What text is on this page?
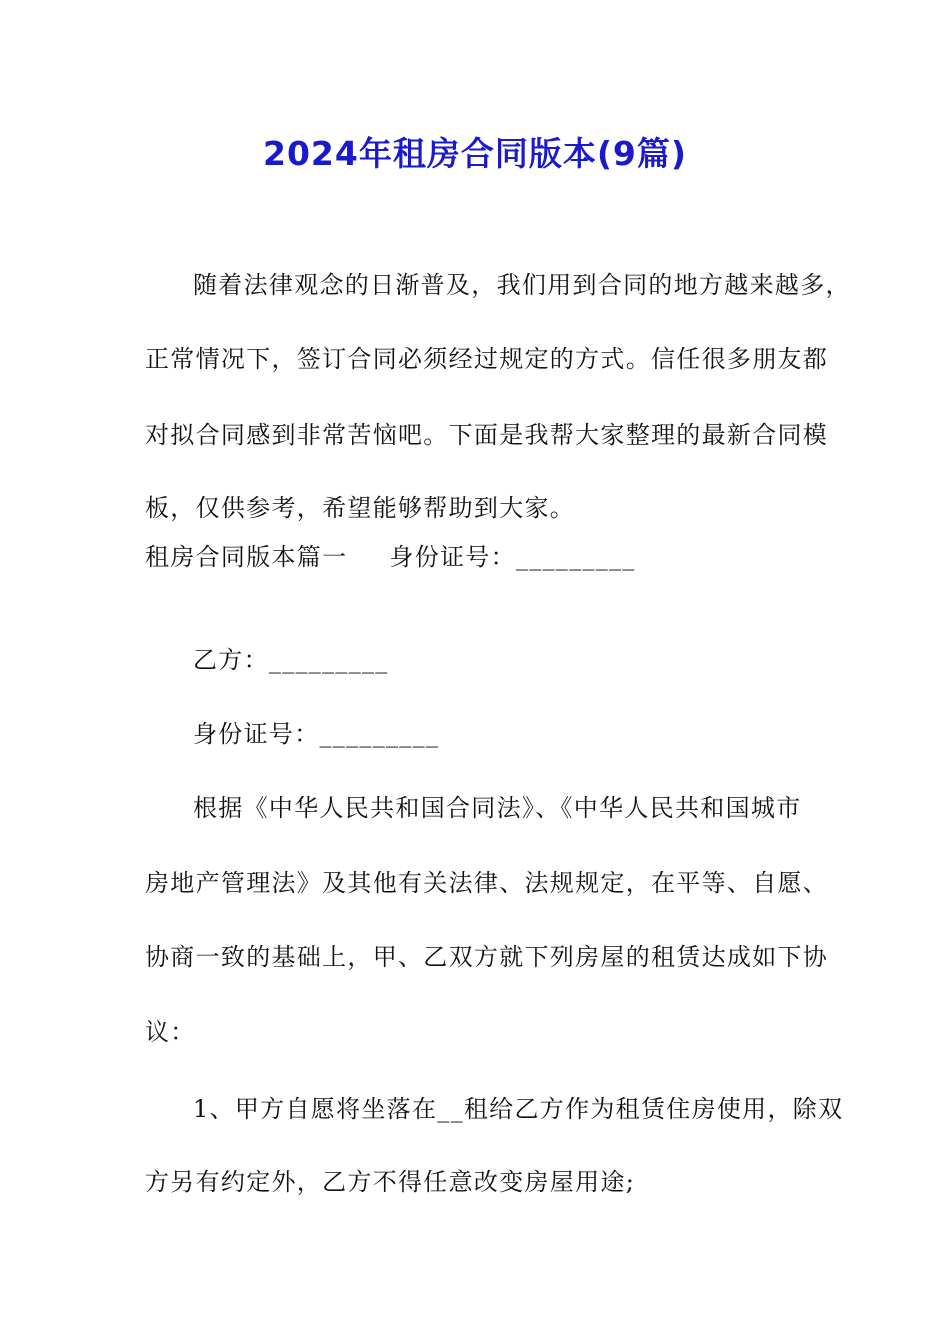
2024年租房合同版本(9篇)
随着法律观念的日渐普及，我们用到合同的地方越来越多，
正常情况下，签订合同必须经过规定的方式。信任很多朋友都
对拟合同感到非常苦恼吧。下面是我帮大家整理的最新合同模
板，仅供参考，希望能够帮助到大家。
租房合同版本篇一 身份证号：_________
乙方：_________
身份证号：_________
根据《中华人民共和国合同法》、《中华人民共和国城市
房地产管理法》及其他有关法律、法规规定，在平等、自愿、
协商一致的基础上，甲、乙双方就下列房屋的租赁达成如下协
议：
1、甲方自愿将坐落在__租给乙方作为租赁住房使用，除双
方另有约定外，乙方不得任意改变房屋用途;
